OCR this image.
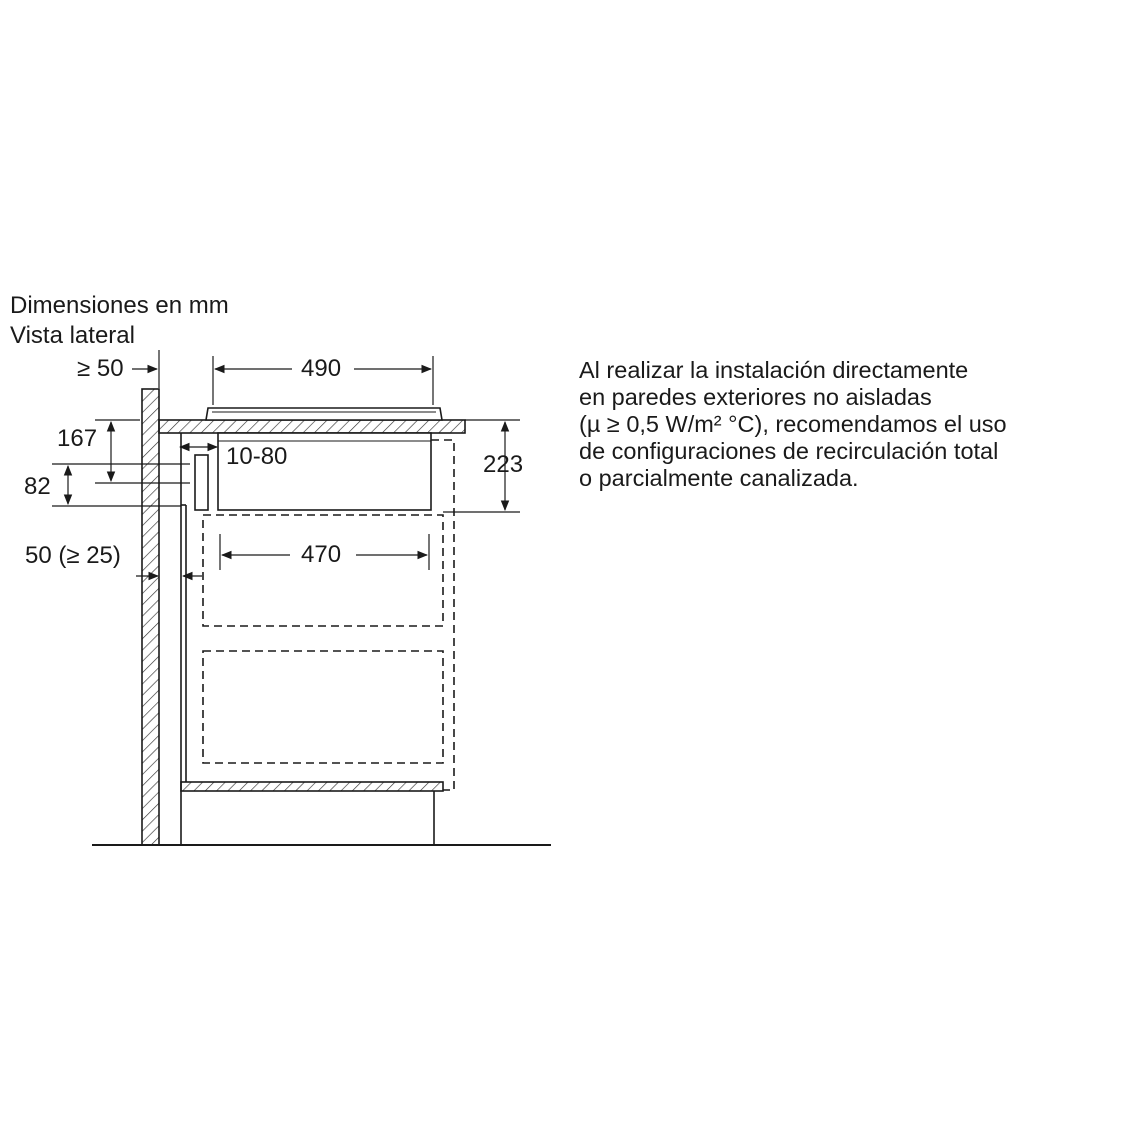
Dimensiones en mm
Vista lateral
≥ 50	490
167
82
10-80	223
470
50 (≥ 25)
Al realizar la instalación directamente
en paredes exteriores no aisladas
(µ ≥ 0,5 W/m² °C), recomendamos el uso
de configuraciones de recirculación total
o parcialmente canalizada.
